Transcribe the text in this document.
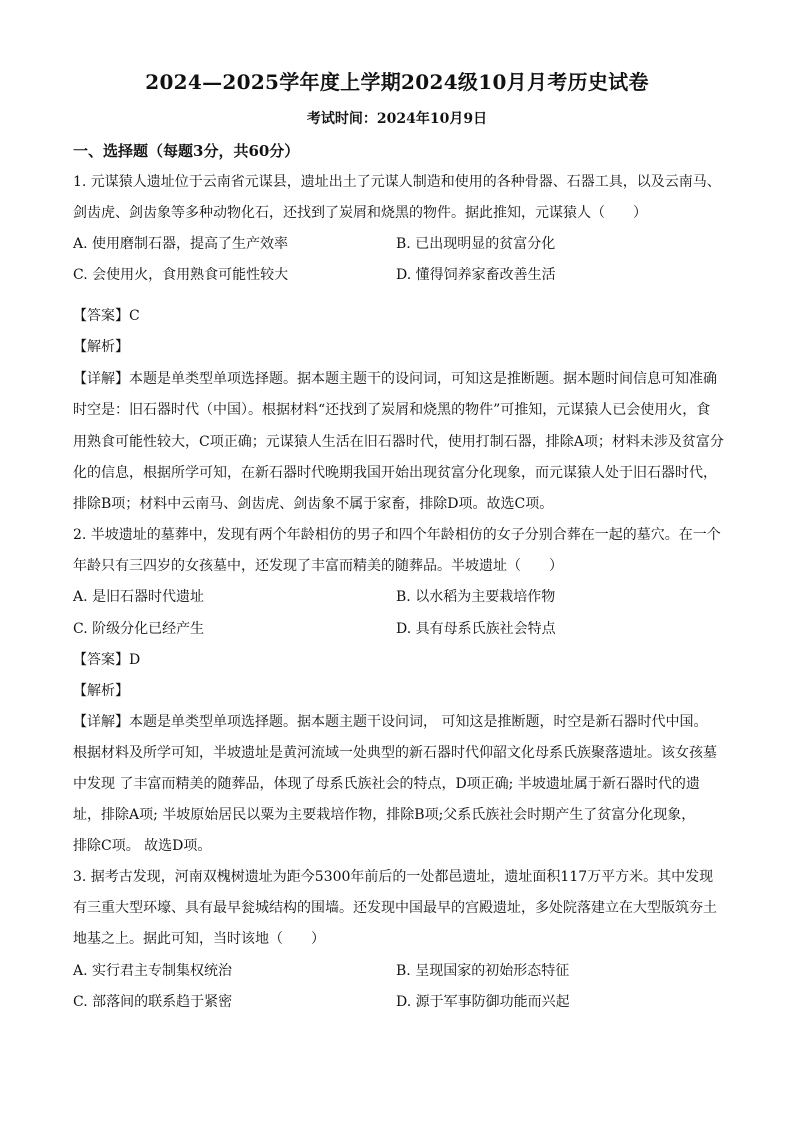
2024—2025学年度上学期2024级10月月考历史试卷
考试时间：2024年10月9日
一、选择题（每题3分，共60分）
1. 元谋猿人遗址位于云南省元谋县，遗址出土了元谋人制造和使用的各种骨器、石器工具，以及云南马、
剑齿虎、剑齿象等多种动物化石，还找到了炭屑和烧黑的物件。据此推知，元谋猿人（　　）
A. 使用磨制石器，提高了生产效率	B. 已出现明显的贫富分化
C. 会使用火，食用熟食可能性较大	D. 懂得饲养家畜改善生活
【答案】C
【解析】
【详解】本题是单类型单项选择题。据本题主题干的设问词，可知这是推断题。据本题时间信息可知准确
时空是：旧石器时代（中国）。根据材料“还找到了炭屑和烧黑的物件”可推知，元谋猿人已会使用火，食
用熟食可能性较大，C项正确；元谋猿人生活在旧石器时代，使用打制石器，排除A项；材料未涉及贫富分
化的信息，根据所学可知，在新石器时代晚期我国开始出现贫富分化现象，而元谋猿人处于旧石器时代，
排除B项；材料中云南马、剑齿虎、剑齿象不属于家畜，排除D项。故选C项。
2. 半坡遗址的墓葬中，发现有两个年龄相仿的男子和四个年龄相仿的女子分别合葬在一起的墓穴。在一个
年龄只有三四岁的女孩墓中，还发现了丰富而精美的随葬品。半坡遗址（　　）
A. 是旧石器时代遗址	B. 以水稻为主要栽培作物
C. 阶级分化已经产生	D. 具有母系氏族社会特点
【答案】D
【解析】
【详解】本题是单类型单项选择题。据本题主题干设问词， 可知这是推断题，时空是新石器时代中国。
根据材料及所学可知，半坡遗址是黄河流域一处典型的新石器时代仰韶文化母系氏族聚落遗址。该女孩墓
中发现 了丰富而精美的随葬品，体现了母系氏族社会的特点，D项正确; 半坡遗址属于新石器时代的遗
址，排除A项; 半坡原始居民以粟为主要栽培作物，排除B项;父系氏族社会时期产生了贫富分化现象，
排除C项。 故选D项。
3. 据考古发现，河南双槐树遗址为距今5300年前后的一处都邑遗址，遗址面积117万平方米。其中发现
有三重大型环壕、具有最早瓮城结构的围墙。还发现中国最早的宫殿遗址，多处院落建立在大型版筑夯土
地基之上。据此可知，当时该地（　　）
A. 实行君主专制集权统治	B. 呈现国家的初始形态特征
C. 部落间的联系趋于紧密	D. 源于军事防御功能而兴起
